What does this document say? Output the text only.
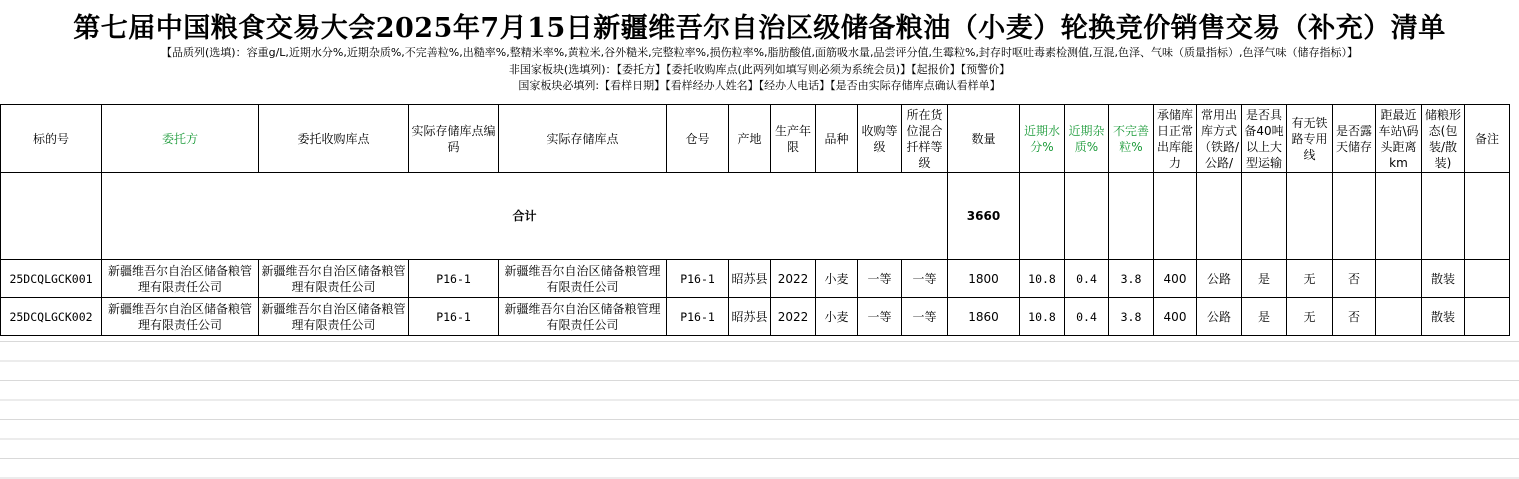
第七届中国粮食交易大会2025年7月15日新疆维吾尔自治区级储备粮油（小麦）轮换竞价销售交易（补充）清单
【品质列(选填)：容重g/L,近期水分%,近期杂质%,不完善粒%,出糙率%,整精米率%,黄粒米,谷外糙米,完整粒率%,损伤粒率%,脂肪酸值,面筋吸水量,品尝评分值,生霉粒%,封存时呕吐毒素检测值,互混,色泽、气味（质量指标）,色泽气味（储存指标）】
非国家板块(选填列)：【委托方】【委托收购库点(此两列如填写则必须为系统会员)】【起报价】【预警价】
国家板块必填列:【看样日期】【看样经办人姓名】【经办人电话】【是否由实际存储库点确认看样单】
标的号	委托方	委托收购库点	实际存储库点编码	实际存储库点	仓号	产地	生产年限	品种	收购等级	所在货位混合扦样等级	数量	近期水分%	近期杂质%	不完善粒%	承储库日正常出库能力	常用出库方式（铁路/公路/	是否具备40吨以上大型运输	有无铁路专用线	是否露天储存	距最近车站\码头距离km	储粮形态(包装/散装)	备注
	合计										3660											
25DCQLGCK001	新疆维吾尔自治区储备粮管理有限责任公司	新疆维吾尔自治区储备粮管理有限责任公司	P16-1	新疆维吾尔自治区储备粮管理有限责任公司	P16-1	昭苏县	2022	小麦	一等	一等	1800	10.8	0.4	3.8	400	公路	是	无	否		散装	
25DCQLGCK002	新疆维吾尔自治区储备粮管理有限责任公司	新疆维吾尔自治区储备粮管理有限责任公司	P16-1	新疆维吾尔自治区储备粮管理有限责任公司	P16-1	昭苏县	2022	小麦	一等	一等	1860	10.8	0.4	3.8	400	公路	是	无	否		散装	
